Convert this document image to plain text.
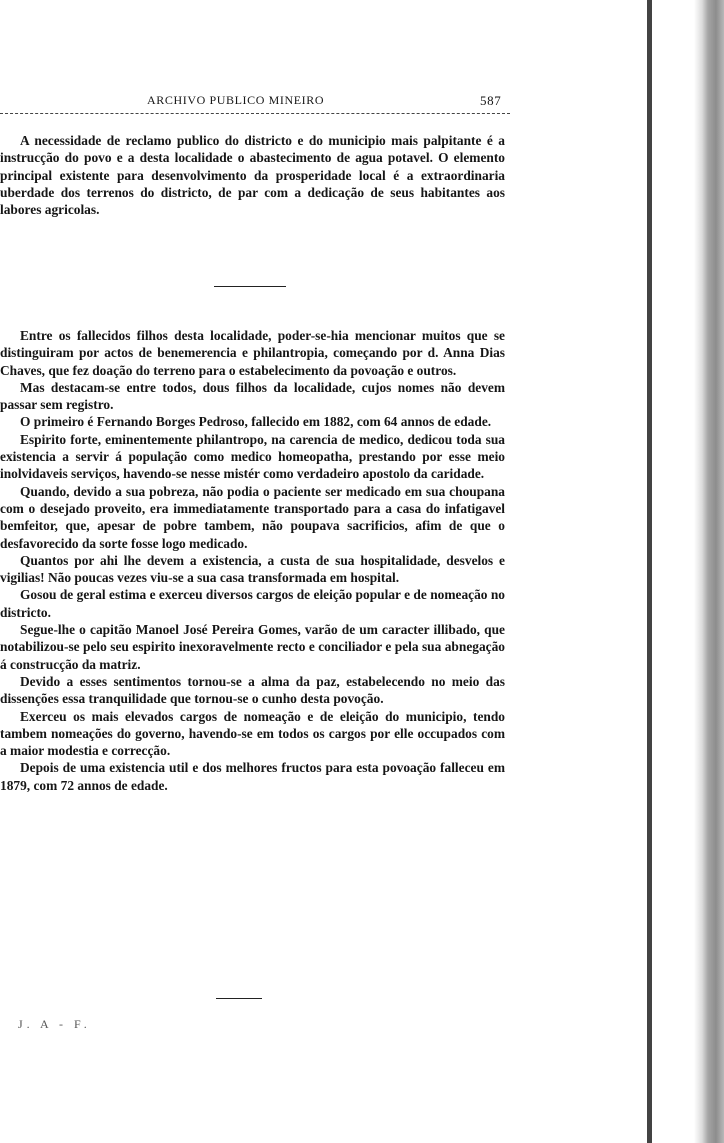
ARCHIVO PUBLICO MINEIRO	587

A necessidade de reclamo publico do districto e do municipio mais palpitante é a instrucção do povo e a desta localidade o abastecimento de agua potavel. O elemento principal existente para desenvolvimento da prosperidade local é a extraordinaria uberdade dos terrenos do districto, de par com a dedicação de seus habitantes aos labores agricolas.

Entre os fallecidos filhos desta localidade, poder-se-hia mencionar muitos que se distinguiram por actos de benemerencia e philantropia, começando por d. Anna Dias Chaves, que fez doação do terreno para o estabelecimento da povoação e outros.

Mas destacam-se entre todos, dous filhos da localidade, cujos nomes não devem passar sem registro.

O primeiro é Fernando Borges Pedroso, fallecido em 1882, com 64 annos de edade.

Espirito forte, eminentemente philantropo, na carencia de medico, dedicou toda sua existencia a servir á população como medico homeopatha, prestando por esse meio inolvidaveis serviços, havendo-se nesse mistér como verdadeiro apostolo da caridade.

Quando, devido a sua pobreza, não podia o paciente ser medicado em sua choupana com o desejado proveito, era immediatamente transportado para a casa do infatigavel bemfeitor, que, apesar de pobre tambem, não poupava sacrificios, afim de que o desfavorecido da sorte fosse logo medicado.

Quantos por ahi lhe devem a existencia, a custa de sua hospitalidade, desvelos e vigilias! Não poucas vezes viu-se a sua casa transformada em hospital.

Gosou de geral estima e exerceu diversos cargos de eleição popular e de nomeação no districto.

Segue-lhe o capitão Manoel José Pereira Gomes, varão de um caracter illibado, que notabilizou-se pelo seu espirito inexoravelmente recto e conciliador e pela sua abnegação á construcção da matriz.

Devido a esses sentimentos tornou-se a alma da paz, estabelecendo no meio das dissenções essa tranquilidade que tornou-se o cunho desta povoção.

Exerceu os mais elevados cargos de nomeação e de eleição do municipio, tendo tambem nomeações do governo, havendo-se em todos os cargos por elle occupados com a maior modestia e correcção.

Depois de uma existencia util e dos melhores fructos para esta povoação falleceu em 1879, com 72 annos de edade.

J. A - F.
